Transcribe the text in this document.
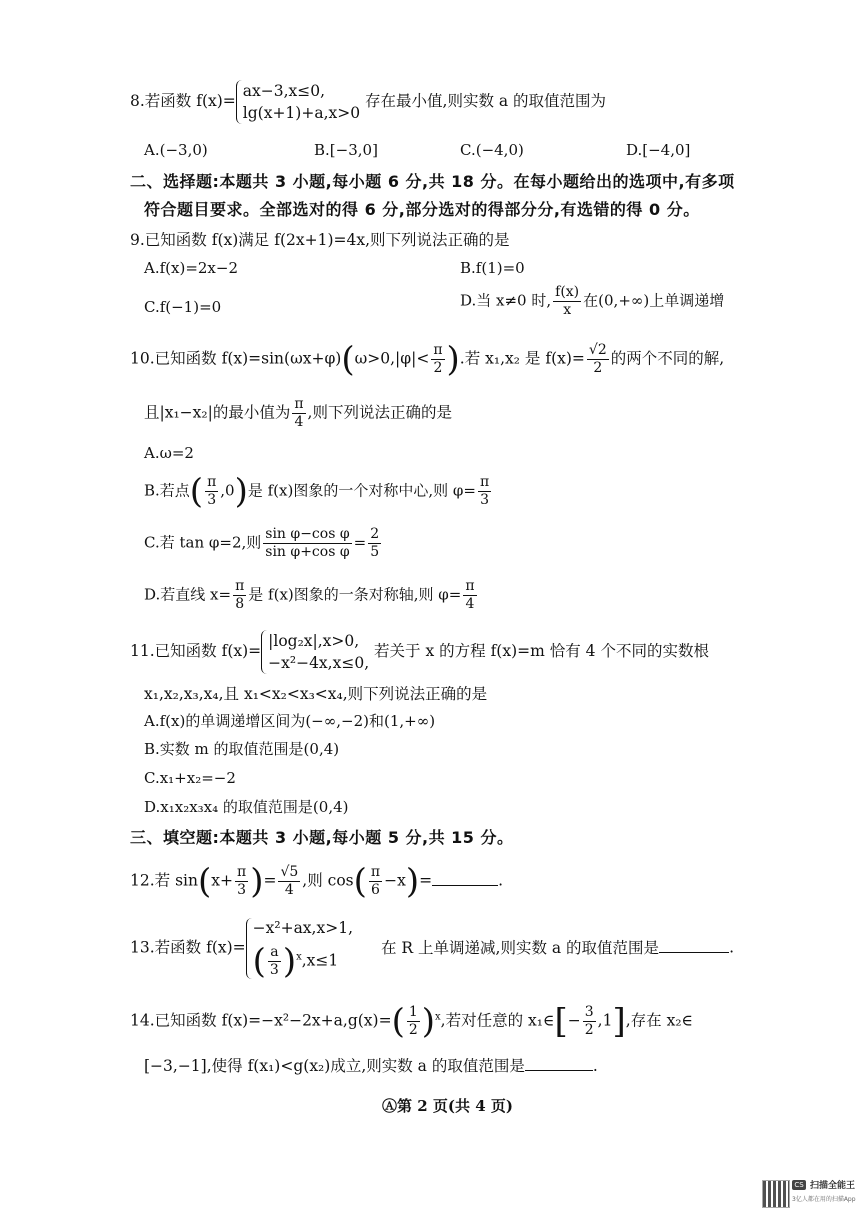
8.若函数 f(x)=
ax−3,x≤0,
lg(x+1)+a,x>0
存在最小值,则实数 a 的取值范围为
A.(−3,0)	B.[−3,0]	C.(−4,0)	D.[−4,0]
二、选择题:本题共 3 小题,每小题 6 分,共 18 分。在每小题给出的选项中,有多项
符合题目要求。全部选对的得 6 分,部分选对的得部分分,有选错的得 0 分。
9.已知函数 f(x)满足 f(2x+1)=4x,则下列说法正确的是
A.f(x)=2x−2	B.f(1)=0
C.f(−1)=0	D.当 x≠0 时, $\frac{f(x)}{x}$ 在(0,+∞)上单调递增
10.已知函数 $f(x)=\sin(\omega x+\varphi)(\omega>0,|\varphi|< \frac{\pi}{2}$ ).若 x₁,x₂ 是 $f(x)= \frac{√2}{2}$ 的两个不同的解,
且|x₁−x₂|的最小值为 $\frac{\pi}{4}$ ,则下列说法正确的是
A.ω=2
B.若点( $\frac{\pi}{3} ,0$)是 f(x)图象的一个对称中心,则 $\varphi= \frac{\pi}{3}$
C.若 tan φ=2,则 $\frac{\text{sin φ−cos φ}}{\text{sin φ+cos φ}} = \frac{2}{5}$
D.若直线 $x= \frac{\pi}{8}$ 是 f(x)图象的一条对称轴,则 $\varphi= \frac{\pi}{4}$
11.已知函数 f(x)=
|log₂x|,x>0,
−x²−4x,x≤0,
若关于 x 的方程 f(x)=m 恰有 4 个不同的实数根
x₁,x₂,x₃,x₄,且 x₁<x₂<x₃<x₄,则下列说法正确的是
A.f(x)的单调递增区间为(−∞,−2)和(1,+∞)
B.实数 m 的取值范围是(0,4)
C.x₁+x₂=−2
D.x₁x₂x₃x₄ 的取值范围是(0,4)
三、填空题:本题共 3 小题,每小题 5 分,共 15 分。
12.若 $\sin(x+ \frac{\pi}{3}$ )= $\frac{√5}{4}$ ,则 $\cos( \frac{\pi}{6} -x)=$	.
13.若函数 f(x)=
−x²+ax,x>1,
( $\frac{a}{3} )^x,x\le 1$
在 R 上单调递减,则实数 a 的取值范围是	.
14.已知函数 $f(x)=-x^2-2x+a,g(x)=( \frac{1}{2} )^x$,若对任意的 x₁∈[− $\frac{3}{2} ,1$],存在 x₂∈
[−3,−1],使得 f(x₁)<g(x₂)成立,则实数 a 的取值范围是	.
Ⓐ第 2 页(共 4 页)
CS 扫描全能王
3亿人都在用的扫描App
